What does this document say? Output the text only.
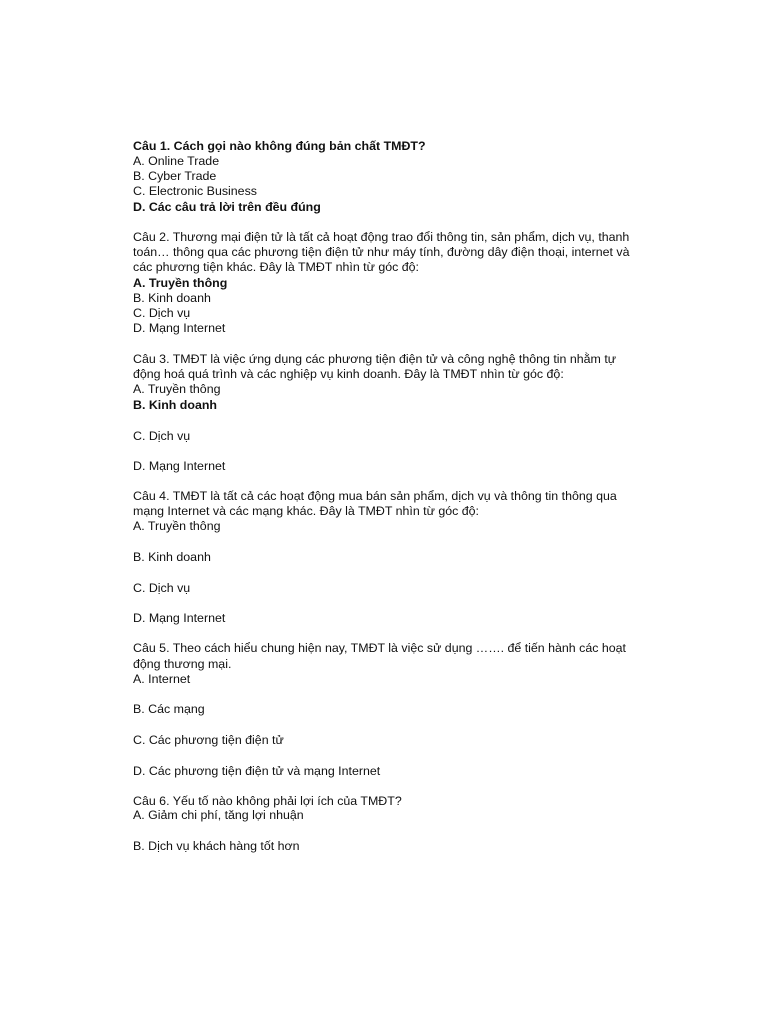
Câu 1. Cách gọi nào không đúng bản chất TMĐT?
A. Online Trade
B. Cyber Trade
C. Electronic Business
D. Các câu trả lời trên đều đúng
Câu 2. Thương mại điện tử là tất cả hoạt động trao đổi thông tin, sản phẩm, dịch vụ, thanh
toán… thông qua các phương tiện điện tử như máy tính, đường dây điện thoại, internet và
các phương tiện khác. Đây là TMĐT nhìn từ góc độ:
A. Truyền thông
B. Kinh doanh
C. Dịch vụ
D. Mạng Internet
Câu 3. TMĐT là việc ứng dụng các phương tiện điện tử và công nghệ thông tin nhằm tự
động hoá quá trình và các nghiệp vụ kinh doanh. Đây là TMĐT nhìn từ góc độ:
A. Truyền thông
B. Kinh doanh
C. Dịch vụ
D. Mạng Internet
Câu 4. TMĐT là tất cả các hoạt động mua bán sản phẩm, dịch vụ và thông tin thông qua
mạng Internet và các mạng khác. Đây là TMĐT nhìn từ góc độ:
A. Truyền thông
B. Kinh doanh
C. Dịch vụ
D. Mạng Internet
Câu 5. Theo cách hiểu chung hiện nay, TMĐT là việc sử dụng ……. để tiến hành các hoạt
động thương mại.
A. Internet
B. Các mạng
C. Các phương tiện điện tử
D. Các phương tiện điện tử và mạng Internet
Câu 6. Yếu tố nào không phải lợi ích của TMĐT?
A. Giảm chi phí, tăng lợi nhuận
B. Dịch vụ khách hàng tốt hơn
